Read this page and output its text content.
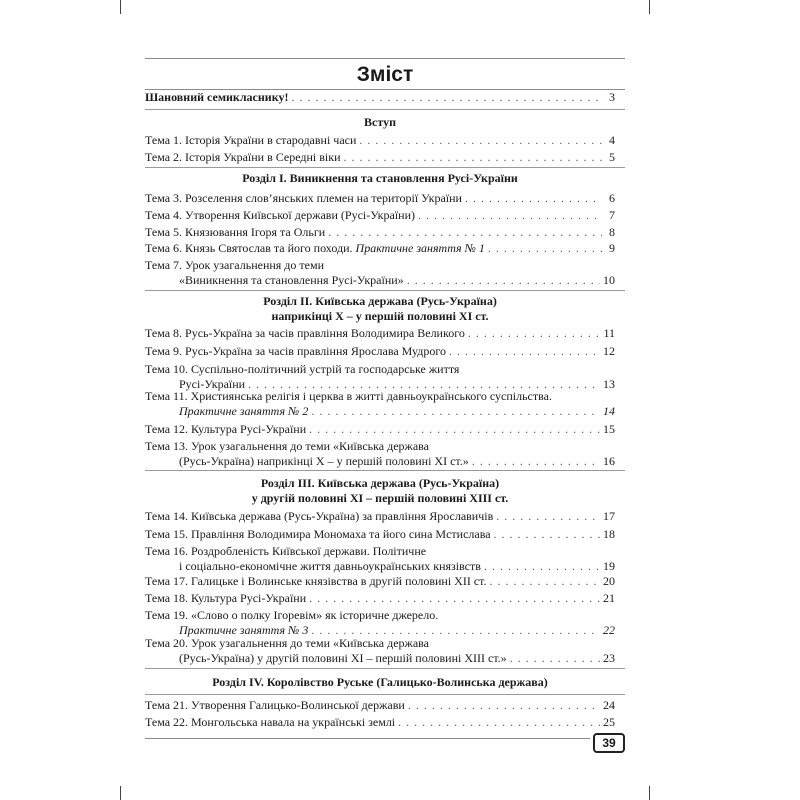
Зміст
Шановний семикласнику! . . .	3
Вступ
Тема 1. Історія України в стародавні часи . . .	4
Тема 2. Історія України в Середні віки . . .	5
Розділ I. Виникнення та становлення Русі-України
Тема 3. Розселення слов’янських племен на території України . . .	6
Тема 4. Утворення Київської держави (Русі-України) . . .	7
Тема 5. Князювання Ігоря та Ольги . . .	8
Тема 6. Князь Святослав та його походи. Практичне заняття № 1 . . .	9
Тема 7. Урок узагальнення до теми
«Виникнення та становлення Русі-України» . . .	10
Розділ II. Київська держава (Русь-Україна)
наприкінці X – у першій половині XI ст.
Тема 8. Русь-Україна за часів правління Володимира Великого . . .	11
Тема 9. Русь-Україна за часів правління Ярослава Мудрого . . .	12
Тема 10. Суспільно-політичний устрій та господарське життя
Русі-України . . .	13
Тема 11. Християнська релігія і церква в житті давньоукраїнського суспільства.
Практичне заняття № 2 . . .	14
Тема 12. Культура Русі-України . . .	15
Тема 13. Урок узагальнення до теми «Київська держава
(Русь-Україна) наприкінці X – у першій половині XI ст.» . . .	16
Розділ III. Київська держава (Русь-Україна)
у другій половині XI – першій половині XIII ст.
Тема 14. Київська держава (Русь-Україна) за правління Ярославичів . . .	17
Тема 15. Правління Володимира Мономаха та його сина Мстислава . . .	18
Тема 16. Роздробленість Київської держави. Політичне
і соціально-економічне життя давньоукраїнських князівств . . .	19
Тема 17. Галицьке і Волинське князівства в другій половині XII ст. . . .	20
Тема 18. Культура Русі-України . . .	21
Тема 19. «Слово о полку Ігоревім» як історичне джерело.
Практичне заняття № 3 . . .	22
Тема 20. Урок узагальнення до теми «Київська держава
(Русь-Україна) у другій половині XI – першій половині XIII ст.» . . .	23
Розділ IV. Королівство Руське (Галицько-Волинська держава)
Тема 21. Утворення Галицько-Волинської держави . . .	24
Тема 22. Монгольська навала на українські землі . . .	25
39
